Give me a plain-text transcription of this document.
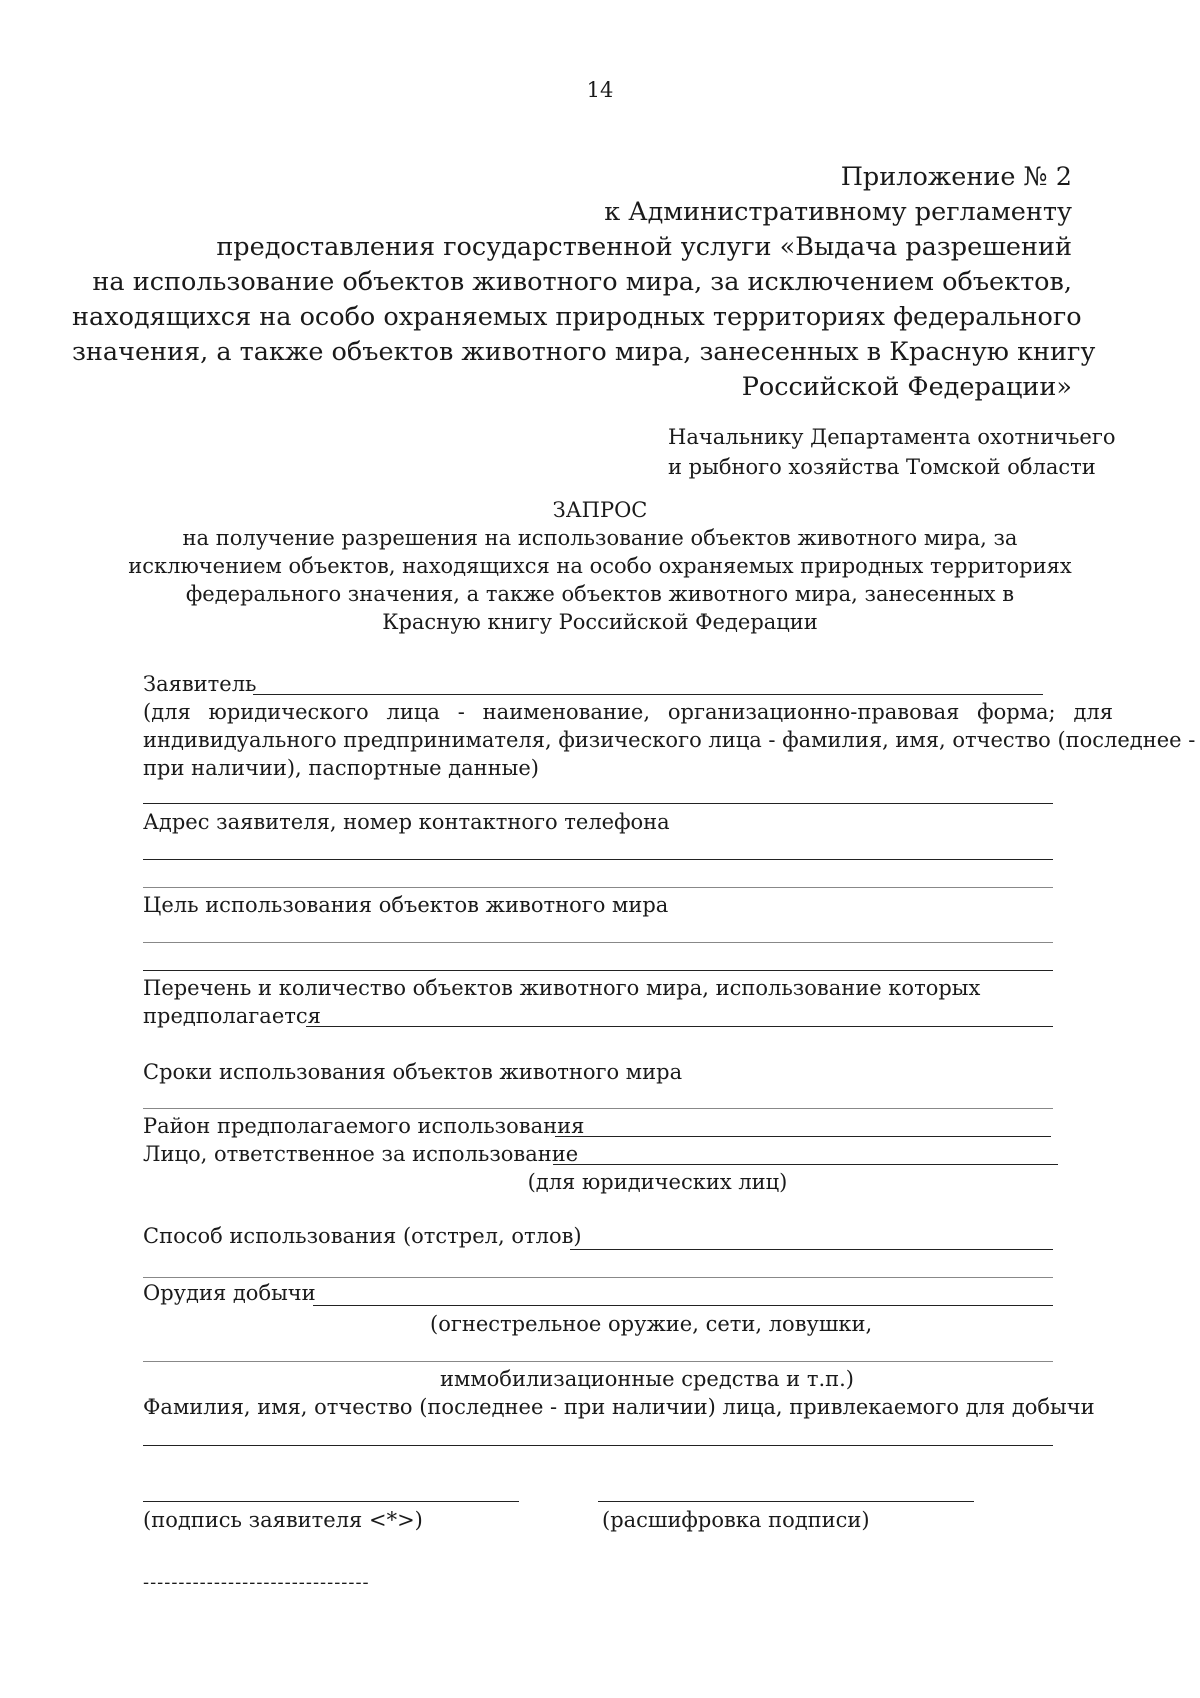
14
Приложение № 2
к Административному регламенту
предоставления государственной услуги «Выдача разрешений
на использование объектов животного мира, за исключением объектов,
находящихся на особо охраняемых природных территориях федерального
значения, а также объектов животного мира, занесенных в Красную книгу
Российской Федерации»
Начальнику Департамента охотничьего
и рыбного хозяйства Томской области
ЗАПРОС
на получение разрешения на использование объектов животного мира, за
исключением объектов, находящихся на особо охраняемых природных территориях
федерального значения, а также объектов животного мира, занесенных в
Красную книгу Российской Федерации
Заявитель
(для юридического лица - наименование, организационно-правовая форма; для
индивидуального предпринимателя, физического лица - фамилия, имя, отчество (последнее -
при наличии), паспортные данные)
Адрес заявителя, номер контактного телефона
Цель использования объектов животного мира
Перечень и количество объектов животного мира, использование которых
предполагается
Сроки использования объектов животного мира
Район предполагаемого использования
Лицо, ответственное за использование
(для юридических лиц)
Способ использования (отстрел, отлов)
Орудия добычи
(огнестрельное оружие, сети, ловушки,
иммобилизационные средства и т.п.)
Фамилия, имя, отчество (последнее - при наличии) лица, привлекаемого для добычи
(подпись заявителя <*>)	(расшифровка подписи)
--------------------------------
